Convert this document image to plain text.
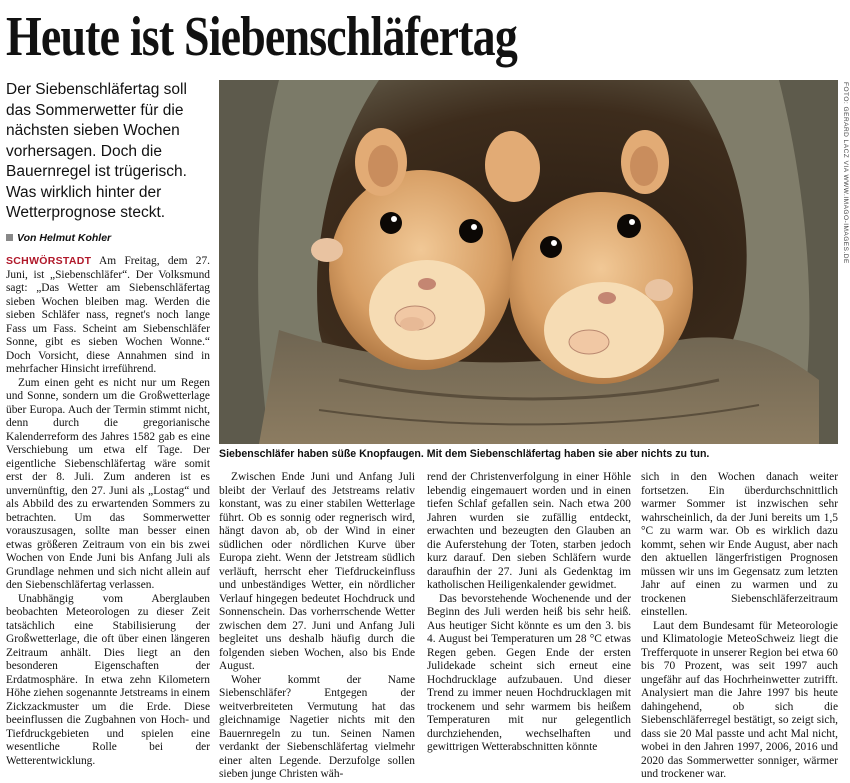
Heute ist Siebenschläfertag

Der Siebenschläfertag soll das Sommerwetter für die nächsten sieben Wochen vorhersagen. Doch die Bauernregel ist trügerisch. Was wirklich hinter der Wetterprognose steckt.

Von Helmut Kohler

SCHWÖRSTADT Am Freitag, dem 27. Juni, ist „Siebenschläfer“. Der Volksmund sagt: „Das Wetter am Siebenschläfertag sieben Wochen bleiben mag. Werden die sieben Schläfer nass, regnet's noch lange Fass um Fass. Scheint am Siebenschläfer Sonne, gibt es sieben Wochen Wonne.“ Doch Vorsicht, diese Annahmen sind in mehrfacher Hinsicht irreführend.

Zum einen geht es nicht nur um Regen und Sonne, sondern um die Großwetterlage über Europa. Auch der Termin stimmt nicht, denn durch die gregorianische Kalenderreform des Jahres 1582 gab es eine Verschiebung um etwa elf Tage. Der eigentliche Siebenschläfertag wäre somit erst der 8. Juli. Zum anderen ist es unvernünftig, den 27. Juni als „Lostag“ und als Abbild des zu erwartenden Sommers zu betrachten. Um das Sommerwetter vorauszusagen, sollte man besser einen etwas größeren Zeitraum von ein bis zwei Wochen von Ende Juni bis Anfang Juli als Grundlage nehmen und sich nicht allein auf den Siebenschläfertag verlassen.

Unabhängig vom Aberglauben beobachten Meteorologen zu dieser Zeit tatsächlich eine Stabilisierung der Großwetterlage, die oft über einen längeren Zeitraum anhält. Dies liegt an den besonderen Eigenschaften der Erdatmosphäre. In etwa zehn Kilometern Höhe ziehen sogenannte Jetstreams in einem Zickzackmuster um die Erde. Diese beeinflussen die Zugbahnen von Hoch- und Tiefdruckgebieten und spielen eine wesentliche Rolle bei der Wetterentwicklung.

FOTO: GERARD LACZ VIA WWW.IMAGO-IMAGES.DE
Siebenschläfer haben süße Knopfaugen. Mit dem Siebenschläfertag haben sie aber nichts zu tun.

Zwischen Ende Juni und Anfang Juli bleibt der Verlauf des Jetstreams relativ konstant, was zu einer stabilen Wetterlage führt. Ob es sonnig oder regnerisch wird, hängt davon ab, ob der Wind in einer südlichen oder nördlichen Kurve über Europa zieht. Wenn der Jetstream südlich verläuft, herrscht eher Tiefdruckeinfluss und unbeständiges Wetter, ein nördlicher Verlauf hingegen bedeutet Hochdruck und Sonnenschein. Das vorherrschende Wetter zwischen dem 27. Juni und Anfang Juli begleitet uns deshalb häufig durch die folgenden sieben Wochen, also bis Ende August.

Woher kommt der Name Siebenschläfer? Entgegen der weitverbreiteten Vermutung hat das gleichnamige Nagetier nichts mit den Bauernregeln zu tun. Seinen Namen verdankt der Siebenschläfertag vielmehr einer alten Legende. Derzufolge sollen sieben junge Christen wäh-

rend der Christenverfolgung in einer Höhle lebendig eingemauert worden und in einen tiefen Schlaf gefallen sein. Nach etwa 200 Jahren wurden sie zufällig entdeckt, erwachten und bezeugten den Glauben an die Auferstehung der Toten, starben jedoch kurz darauf. Den sieben Schläfern wurde daraufhin der 27. Juni als Gedenktag im katholischen Heiligenkalender gewidmet.

Das bevorstehende Wochenende und der Beginn des Juli werden heiß bis sehr heiß. Aus heutiger Sicht könnte es um den 3. bis 4. August bei Temperaturen um 28 °C etwas Regen geben. Gegen Ende der ersten Julidekade scheint sich erneut eine Hochdrucklage aufzubauen. Und dieser Trend zu immer neuen Hochdrucklagen mit trockenem und sehr warmem bis heißem Temperaturen mit nur gelegentlich durchziehenden, wechselhaften und gewittrigen Wetterabschnitten könnte

sich in den Wochen danach weiter fortsetzen. Ein überdurchschnittlich warmer Sommer ist inzwischen sehr wahrscheinlich, da der Juni bereits um 1,5 °C zu warm war. Ob es wirklich dazu kommt, sehen wir Ende August, aber nach den aktuellen längerfristigen Prognosen müssen wir uns im Gegensatz zum letzten Jahr auf einen zu warmen und zu trockenen Siebenschläferzeitraum einstellen.

Laut dem Bundesamt für Meteorologie und Klimatologie MeteoSchweiz liegt die Trefferquote in unserer Region bei etwa 60 bis 70 Prozent, was seit 1997 auch ungefähr auf das Hochrheinwetter zutrifft. Analysiert man die Jahre 1997 bis heute dahingehend, ob sich die Siebenschläferregel bestätigt, so zeigt sich, dass sie 20 Mal passte und acht Mal nicht, wobei in den Jahren 1997, 2006, 2016 und 2020 das Sommerwetter sonniger, wärmer und trockener war.
